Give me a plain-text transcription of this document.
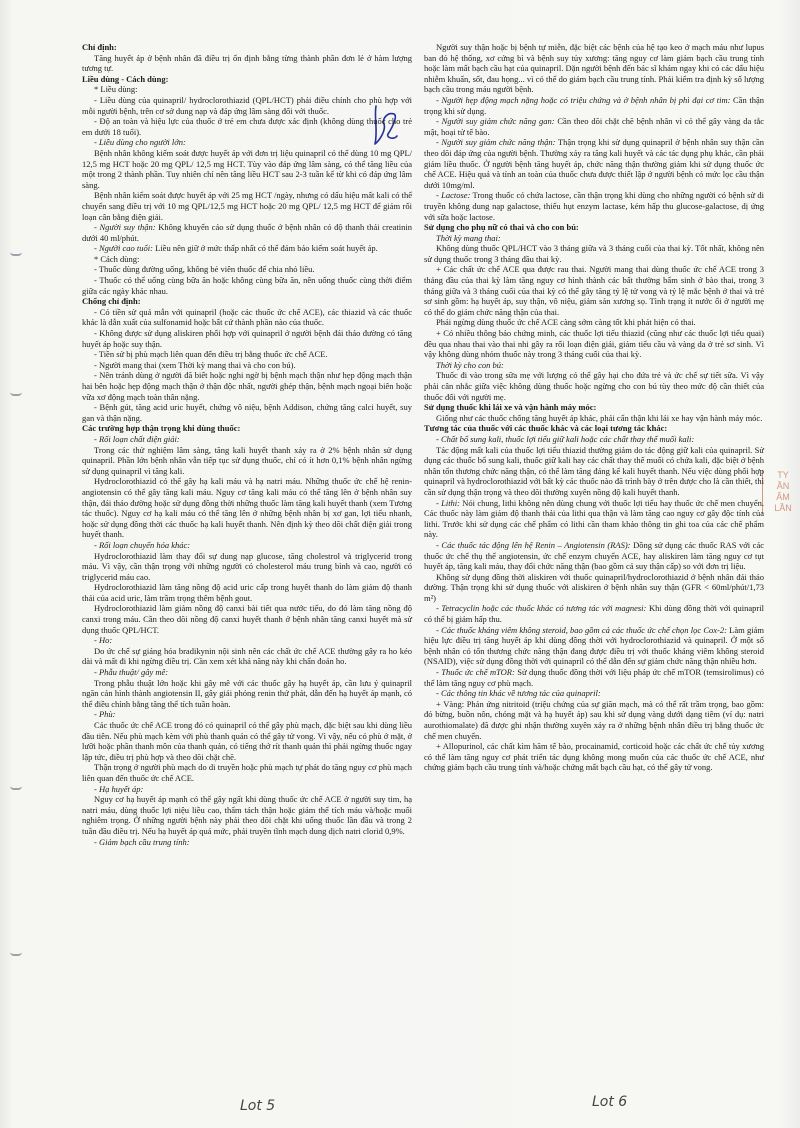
TY
ẦN
ẨM
LẦN

Chỉ định:

Tăng huyết áp ở bệnh nhân đã điều trị ổn định bằng từng thành phần đơn lẻ ở hàm lượng tương tự.

Liều dùng - Cách dùng:

* Liều dùng:

- Liều dùng của quinapril/ hydroclorothiazid (QPL/HCT) phải điều chỉnh cho phù hợp với mỗi người bệnh, trên cơ sở dung nạp và đáp ứng lâm sàng đối với thuốc.

- Độ an toàn và hiệu lực của thuốc ở trẻ em chưa được xác định (không dùng thuốc cho trẻ em dưới 18 tuổi).

- Liều dùng cho người lớn:

Bệnh nhân không kiểm soát được huyết áp với đơn trị liệu quinapril có thể dùng 10 mg QPL/ 12,5 mg HCT hoặc 20 mg QPL/ 12,5 mg HCT. Tùy vào đáp ứng lâm sàng, có thể tăng liều của một trong 2 thành phần. Tuy nhiên chỉ nên tăng liều HCT sau 2-3 tuần kể từ khi có đáp ứng lâm sàng.

Bệnh nhân kiểm soát được huyết áp với 25 mg HCT /ngày, nhưng có dấu hiệu mất kali có thể chuyển sang điều trị với 10 mg QPL/12,5 mg HCT hoặc 20 mg QPL/ 12,5 mg HCT để giảm rối loạn cân bằng điện giải.

- Người suy thận: Không khuyến cáo sử dụng thuốc ở bệnh nhân có độ thanh thải creatinin dưới 40 ml/phút.

- Người cao tuổi: Liều nên giữ ở mức thấp nhất có thể đảm bảo kiểm soát huyết áp.

* Cách dùng:

- Thuốc dùng đường uống, không bẻ viên thuốc để chia nhỏ liều.

- Thuốc có thể uống cùng bữa ăn hoặc không cùng bữa ăn, nên uống thuốc cùng thời điểm giữa các ngày khác nhau.

Chống chỉ định:

- Có tiền sử quá mẫn với quinapril (hoặc các thuốc ức chế ACE), các thiazid và các thuốc khác là dẫn xuất của sulfonamid hoặc bất cứ thành phần nào của thuốc.

- Không được sử dụng aliskiren phối hợp với quinapril ở người bệnh đái tháo đường có tăng huyết áp hoặc suy thận.

- Tiền sử bị phù mạch liên quan đến điều trị bằng thuốc ức chế ACE.

- Người mang thai (xem Thời kỳ mang thai và cho con bú).

- Nên tránh dùng ở người đã biết hoặc nghi ngờ bị bệnh mạch thận như hẹp động mạch thận hai bên hoặc hẹp động mạch thận ở thận độc nhất, người ghép thận, bệnh mạch ngoại biên hoặc vữa xơ động mạch toàn thân nặng.

- Bệnh gút, tăng acid uric huyết, chứng vô niệu, bệnh Addison, chứng tăng calci huyết, suy gan và thận nặng.

Các trường hợp thận trọng khi dùng thuốc:

- Rối loạn chất điện giải:

Trong các thử nghiệm lâm sàng, tăng kali huyết thanh xảy ra ở 2% bệnh nhân sử dụng quinapril. Phần lớn bệnh nhân vẫn tiếp tục sử dụng thuốc, chỉ có ít hơn 0,1% bệnh nhân ngừng sử dụng quinapril vì tăng kali.

Hydroclorothiazid có thể gây hạ kali máu và hạ natri máu. Những thuốc ức chế hệ renin-angiotensin có thể gây tăng kali máu. Nguy cơ tăng kali máu có thể tăng lên ở bệnh nhân suy thận, đái tháo đường hoặc sử dụng đồng thời những thuốc làm tăng kali huyết thanh (xem Tương tác thuốc). Nguy cơ hạ kali máu có thể tăng lên ở những bệnh nhân bị xơ gan, lợi tiểu nhanh, hoặc sử dụng đồng thời các thuốc hạ kali huyết thanh. Nên định kỳ theo dõi chất điện giải trong huyết thanh.

- Rối loạn chuyển hóa khác:

Hydroclorothiazid làm thay đổi sự dung nạp glucose, tăng cholestrol và triglycerid trong máu. Vì vậy, cần thận trọng với những người có cholesterol máu trung bình và cao, người có triglycerid máu cao.

Hydroclorothiazid làm tăng nồng độ acid uric cấp trong huyết thanh do làm giảm độ thanh thải của acid uric, làm trầm trọng thêm bệnh gout.

Hydroclorothiazid làm giảm nồng độ canxi bài tiết qua nước tiểu, do đó làm tăng nồng độ canxi trong máu. Cần theo dõi nồng độ canxi huyết thanh ở bệnh nhân tăng canxi huyết mà sử dụng thuốc QPL/HCT.

- Ho:

Do ức chế sự giáng hóa bradikynin nội sinh nên các chất ức chế ACE thường gây ra ho kéo dài và mất đi khi ngừng điều trị. Cần xem xét khả năng này khi chẩn đoán ho.

- Phẫu thuật/ gây mê:

Trong phẫu thuật lớn hoặc khi gây mê với các thuốc gây hạ huyết áp, cần lưu ý quinapril ngăn cản hình thành angiotensin II, gây giải phóng renin thứ phát, dẫn đến hạ huyết áp mạnh, có thể điều chỉnh bằng tăng thể tích tuần hoàn.

- Phù:

Các thuốc ức chế ACE trong đó có quinapril có thể gây phù mạch, đặc biệt sau khi dùng liều đầu tiên. Nếu phù mạch kèm với phù thanh quản có thể gây tử vong. Vì vậy, nếu có phù ở mặt, ở lưỡi hoặc phần thanh môn của thanh quản, có tiếng thở rít thanh quản thì phải ngừng thuốc ngay lập tức, điều trị phù hợp và theo dõi chặt chẽ.

Thận trọng ở người phù mạch do di truyền hoặc phù mạch tự phát do tăng nguy cơ phù mạch liên quan đến thuốc ức chế ACE.

- Hạ huyết áp:

Nguy cơ hạ huyết áp mạnh có thể gây ngất khi dùng thuốc ức chế ACE ở người suy tim, hạ natri máu, dùng thuốc lợi niệu liều cao, thẩm tách thận hoặc giảm thể tích máu và/hoặc muối nghiêm trọng. Ở những người bệnh này phải theo dõi chặt khi uống thuốc lần đầu và trong 2 tuần đầu điều trị. Nếu hạ huyết áp quá mức, phải truyền tĩnh mạch dung dịch natri clorid 0,9%.

- Giảm bạch cầu trung tính:

Người suy thận hoặc bị bệnh tự miễn, đặc biệt các bệnh của hệ tạo keo ở mạch máu như lupus ban đỏ hệ thống, xơ cứng bì và bệnh suy tủy xương: tăng nguy cơ làm giảm bạch cầu trung tính hoặc làm mất bạch cầu hạt của quinapril. Dặn người bệnh đến bác sĩ khám ngay khi có các dấu hiệu nhiễm khuẩn, sốt, đau họng... vì có thể do giảm bạch cầu trung tính. Phải kiểm tra định kỳ số lượng bạch cầu trong máu người bệnh.

- Người hẹp động mạch nặng hoặc có triệu chứng và ở bệnh nhân bị phì đại cơ tim: Cần thận trọng khi sử dụng.

- Người suy giảm chức năng gan: Cần theo dõi chặt chẽ bệnh nhân vì có thể gây vàng da tắc mật, hoại tử tế bào.

- Người suy giảm chức năng thận: Thận trọng khi sử dụng quinapril ở bệnh nhân suy thận cần theo dõi đáp ứng của người bệnh. Thường xảy ra tăng kali huyết và các tác dụng phụ khác, cần phải giảm liều thuốc. Ở người bệnh tăng huyết áp, chức năng thận thường giảm khi sử dụng thuốc ức chế ACE. Hiệu quả và tính an toàn của thuốc chưa được thiết lập ở người bệnh có mức lọc cầu thận dưới 10mg/ml.

- Lactose: Trong thuốc có chứa lactose, cần thận trọng khi dùng cho những người có bệnh sử di truyền không dung nạp galactose, thiếu hụt enzym lactase, kém hấp thu glucose-galactose, dị ứng với sữa hoặc lactose.

Sử dụng cho phụ nữ có thai và cho con bú:

Thời kỳ mang thai:

Không dùng thuốc QPL/HCT vào 3 tháng giữa và 3 tháng cuối của thai kỳ. Tốt nhất, không nên sử dụng thuốc trong 3 tháng đầu thai kỳ.

+ Các chất ức chế ACE qua được rau thai. Người mang thai dùng thuốc ức chế ACE trong 3 tháng đầu của thai kỳ làm tăng nguy cơ hình thành các bất thường bẩm sinh ở bào thai, trong 3 tháng giữa và 3 tháng cuối của thai kỳ có thể gây tăng tỷ lệ tử vong và tỷ lệ mắc bệnh ở thai và trẻ sơ sinh gồm: hạ huyết áp, suy thận, vô niệu, giảm sản xương sọ. Tình trạng ít nước ối ở người mẹ có thể do giảm chức năng thận của thai.

Phải ngừng dùng thuốc ức chế ACE càng sớm càng tốt khi phát hiện có thai.

+ Có nhiều thông báo chứng minh, các thuốc lợi tiểu thiazid (cũng như các thuốc lợi tiểu quai) đều qua nhau thai vào thai nhi gây ra rối loạn điện giải, giảm tiểu cầu và vàng da ở trẻ sơ sinh. Vì vậy không dùng nhóm thuốc này trong 3 tháng cuối của thai kỳ.

Thời kỳ cho con bú:

Thuốc đi vào trong sữa mẹ với lượng có thể gây hại cho đứa trẻ và ức chế sự tiết sữa. Vì vậy phải cân nhắc giữa việc không dùng thuốc hoặc ngừng cho con bú tùy theo mức độ cần thiết của thuốc đối với người mẹ.

Sử dụng thuốc khi lái xe và vận hành máy móc:

Giống như các thuốc chống tăng huyết áp khác, phải cẩn thận khi lái xe hay vận hành máy móc.

Tương tác của thuốc với các thuốc khác và các loại tương tác khác:

- Chất bổ sung kali, thuốc lợi tiểu giữ kali hoặc các chất thay thế muối kali:

Tác động mất kali của thuốc lợi tiểu thiazid thường giảm do tác động giữ kali của quinapril. Sử dụng các thuốc bổ sung kali, thuốc giữ kali hay các chất thay thế muối có chứa kali, đặc biệt ở bệnh nhân tổn thương chức năng thận, có thể làm tăng đáng kể kali huyết thanh. Nếu việc dùng phối hợp quinapril và hydroclorothiazid với bất kỳ các thuốc nào đã trình bày ở trên được cho là cần thiết, thì cần sử dụng thận trọng và theo dõi thường xuyên nồng độ kali huyết thanh.

- Lithi: Nói chung, lithi không nên dùng chung với thuốc lợi tiểu hay thuốc ức chế men chuyển. Các thuốc này làm giảm độ thanh thải của lithi qua thận và làm tăng cao nguy cơ gây độc tính của lithi. Trước khi sử dụng các chế phẩm có lithi cần tham khảo thông tin ghi toa của các chế phẩm này.

- Các thuốc tác động lên hệ Renin – Angiotensin (RAS): Dồng sử dụng các thuốc RAS với các thuốc ức chế thụ thể angiotensin, ức chế enzym chuyển ACE, hay aliskiren làm tăng nguy cơ tụt huyết áp, tăng kali máu, thay đổi chức năng thận (bao gồm cả suy thận cấp) so với đơn trị liệu.

Không sử dụng đồng thời aliskiren với thuốc quinapril/hydroclorothiazid ở bệnh nhân đái tháo đường. Thận trọng khi sử dụng thuốc với aliskiren ở bệnh nhân suy thận (GFR < 60ml/phút/1,73 m²)

- Tetracyclin hoặc các thuốc khác có tương tác với magnesi: Khi dùng đồng thời với quinapril có thể bị giảm hấp thu.

- Các thuốc kháng viêm không steroid, bao gồm cả các thuốc ức chế chọn lọc Cox-2: Làm giảm hiệu lực điều trị tăng huyết áp khi dùng đồng thời với hydroclorothiazid và quinapril. Ở một số bệnh nhân có tổn thương chức năng thận đang được điều trị với thuốc kháng viêm không steroid (NSAID), việc sử dụng đồng thời với quinapril có thể dẫn đến sự giảm chức năng thận nhiều hơn.

- Thuốc ức chế mTOR: Sử dụng thuốc đồng thời với liệu pháp ức chế mTOR (temsirolimus) có thể làm tăng nguy cơ phù mạch.

- Các thông tin khác về tương tác của quinapril:

+ Vàng: Phản ứng nitritoid (triệu chứng của sự giãn mạch, mà có thể rất trầm trọng, bao gồm: đỏ bừng, buồn nôn, chóng mặt và hạ huyết áp) sau khi sử dụng vàng dưới dạng tiêm (ví dụ: natri aurothiomalate) đã được ghi nhận thường xuyên xảy ra ở những bệnh nhân điều trị bằng thuốc ức chế men chuyển.

+ Allopurinol, các chất kìm hãm tế bào, procainamid, corticoid hoặc các chất ức chế tủy xương có thể làm tăng nguy cơ phát triển tác dụng không mong muốn của các thuốc ức chế ACE, như chứng giảm bạch cầu trung tính và/hoặc chứng mất bạch cầu hạt, có thể gây tử vong.

Lot 5	Lot 6
